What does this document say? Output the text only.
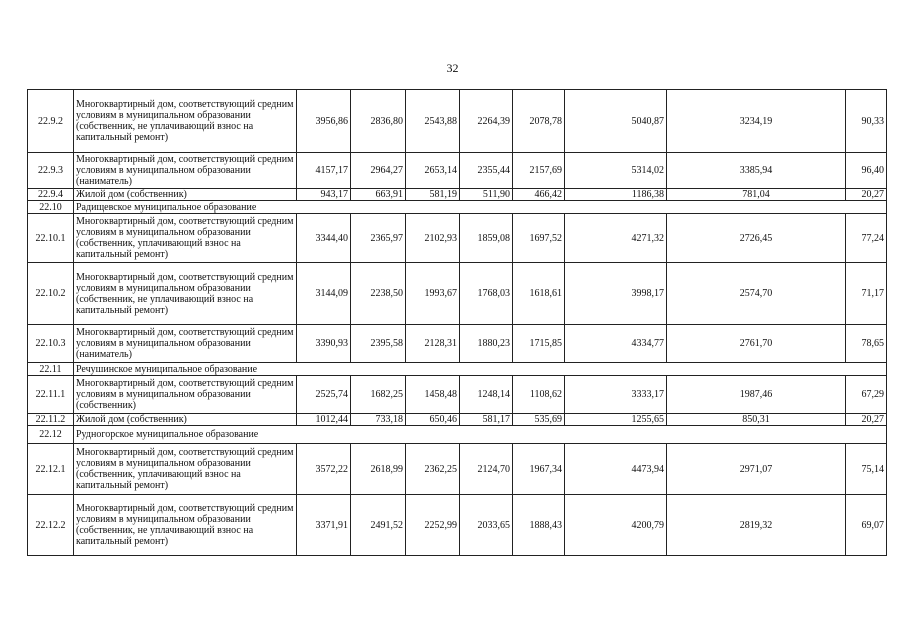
32
22.9.2	Многоквартирный дом, соответствующий средним условиям в муниципальном образовании (собственник, не уплачивающий взнос на капитальный ремонт)	3956,86	2836,80	2543,88	2264,39	2078,78	5040,87	3234,19	90,33
22.9.3	Многоквартирный дом, соответствующий средним условиям в муниципальном образовании (наниматель)	4157,17	2964,27	2653,14	2355,44	2157,69	5314,02	3385,94	96,40
22.9.4	Жилой дом (собственник)	943,17	663,91	581,19	511,90	466,42	1186,38	781,04	20,27
22.10	Радищевское муниципальное образование								
22.10.1	Многоквартирный дом, соответствующий средним условиям в муниципальном образовании (собственник, уплачивающий взнос на капитальный ремонт)	3344,40	2365,97	2102,93	1859,08	1697,52	4271,32	2726,45	77,24
22.10.2	Многоквартирный дом, соответствующий средним условиям в муниципальном образовании (собственник, не уплачивающий взнос на капитальный ремонт)	3144,09	2238,50	1993,67	1768,03	1618,61	3998,17	2574,70	71,17
22.10.3	Многоквартирный дом, соответствующий средним условиям в муниципальном образовании (наниматель)	3390,93	2395,58	2128,31	1880,23	1715,85	4334,77	2761,70	78,65
22.11	Речушинское муниципальное образование								
22.11.1	Многоквартирный дом, соответствующий средним условиям в муниципальном образовании (собственник)	2525,74	1682,25	1458,48	1248,14	1108,62	3333,17	1987,46	67,29
22.11.2	Жилой дом (собственник)	1012,44	733,18	650,46	581,17	535,69	1255,65	850,31	20,27
22.12	Рудногорское муниципальное образование								
22.12.1	Многоквартирный дом, соответствующий средним условиям в муниципальном образовании (собственник, уплачивающий взнос на капитальный ремонт)	3572,22	2618,99	2362,25	2124,70	1967,34	4473,94	2971,07	75,14
22.12.2	Многоквартирный дом, соответствующий средним условиям в муниципальном образовании (собственник, не уплачивающий взнос на капитальный ремонт)	3371,91	2491,52	2252,99	2033,65	1888,43	4200,79	2819,32	69,07
